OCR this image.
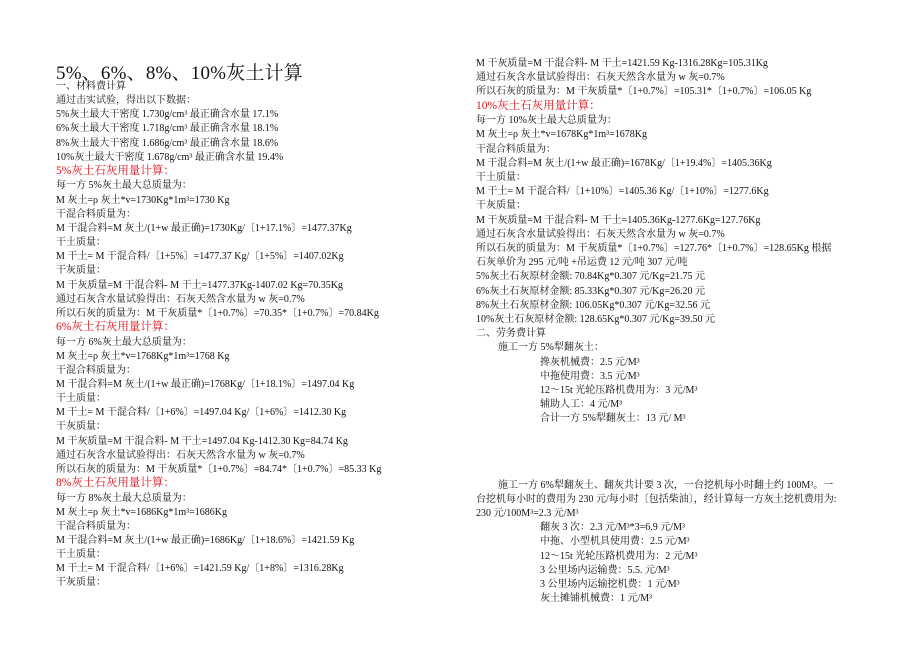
5%、6%、8%、10%灰土计算
一、材料费计算
通过击实试验，得出以下数据：
5%灰土最大干密度 1.730g/cm³ 最正确含水量 17.1%
6%灰土最大干密度 1.718g/cm³ 最正确含水量 18.1%
8%灰土最大干密度 1.686g/cm³ 最正确含水量 18.6%
10%灰土最大干密度 1.678g/cm³ 最正确含水量 19.4%
5%灰土石灰用量计算：
每一方 5%灰土最大总质量为：
M 灰土=ρ 灰土*v=1730Kg*1m³=1730 Kg
干混合料质量为：
M 干混合料=M 灰土/(1+w 最正确)=1730Kg/〔1+17.1%〕=1477.37Kg
干土质量：
M 干土= M 干混合料/〔1+5%〕=1477.37 Kg/〔1+5%〕=1407.02Kg
干灰质量：
M 干灰质量=M 干混合料- M 干土=1477.37Kg-1407.02 Kg=70.35Kg
通过石灰含水量试验得出：石灰天然含水量为 w 灰=0.7%
所以石灰的质量为：M 干灰质量*〔1+0.7%〕=70.35*〔1+0.7%〕=70.84Kg
6%灰土石灰用量计算：
每一方 6%灰土最大总质量为：
M 灰土=ρ 灰土*v=1768Kg*1m³=1768 Kg
干混合料质量为：
M 干混合料=M 灰土/(1+w 最正确)=1768Kg/〔1+18.1%〕=1497.04 Kg
干土质量：
M 干土= M 干混合料/〔1+6%〕=1497.04 Kg/〔1+6%〕=1412.30 Kg
干灰质量：
M 干灰质量=M 干混合料- M 干土=1497.04 Kg-1412.30 Kg=84.74 Kg
通过石灰含水量试验得出：石灰天然含水量为 w 灰=0.7%
所以石灰的质量为：M 干灰质量*〔1+0.7%〕=84.74*〔1+0.7%〕=85.33 Kg
8%灰土石灰用量计算：
每一方 8%灰土最大总质量为：
M 灰土=ρ 灰土*v=1686Kg*1m³=1686Kg
干混合料质量为：
M 干混合料=M 灰土/(1+w 最正确)=1686Kg/〔1+18.6%〕=1421.59 Kg
干土质量：
M 干土= M 干混合料/〔1+6%〕=1421.59 Kg/〔1+8%〕=1316.28Kg
干灰质量：
M 干灰质量=M 干混合料- M 干土=1421.59 Kg-1316.28Kg=105.31Kg
通过石灰含水量试验得出：石灰天然含水量为 w 灰=0.7%
所以石灰的质量为：M 干灰质量*〔1+0.7%〕=105.31*〔1+0.7%〕=106.05 Kg
10%灰土石灰用量计算：
每一方 10%灰土最大总质量为：
M 灰土=ρ 灰土*v=1678Kg*1m³=1678Kg
干混合料质量为：
M 干混合料=M 灰土/(1+w 最正确)=1678Kg/〔1+19.4%〕=1405.36Kg
干土质量：
M 干土= M 干混合料/〔1+10%〕=1405.36 Kg/〔1+10%〕=1277.6Kg
干灰质量：
M 干灰质量=M 干混合料- M 干土=1405.36Kg-1277.6Kg=127.76Kg
通过石灰含水量试验得出：石灰天然含水量为 w 灰=0.7%
所以石灰的质量为：M 干灰质量*〔1+0.7%〕=127.76*〔1+0.7%〕=128.65Kg 根据
石灰单价为 295 元/吨 +吊运费 12 元/吨 307 元/吨
5%灰土石灰原材金额: 70.84Kg*0.307 元/Kg=21.75 元
6%灰土石灰原材金额: 85.33Kg*0.307 元/Kg=26.20 元
8%灰土石灰原材金额: 106.05Kg*0.307 元/Kg=32.56 元
10%灰土石灰原材金额: 128.65Kg*0.307 元/Kg=39.50 元
二、劳务费计算
施工一方 5%犁翻灰土：
搀灰机械费：2.5 元/M³
中拖使用费：3.5 元/M³
12～15t 光轮压路机费用为：3 元/M³
辅助人工：4 元/M³
合计一方 5%犁翻灰土：13 元/ M³
施工一方 6%犁翻灰土、翻灰共计要 3 次，一台挖机每小时翻土约 100M³。一
台挖机每小时的费用为 230 元/每小时〔包括柴油〕，经计算每一方灰土挖机费用为:
230 元/100M³=2.3 元/M³
翻灰 3 次：2.3 元/M³*3=6.9 元/M³
中拖、小型机具使用费：2.5 元/M³
12～15t 光轮压路机费用为：2 元/M³
3 公里场内运输费：5.5. 元/M³
3 公里场内运输挖机费：1 元/M³
灰土摊铺机械费：1 元/M³
